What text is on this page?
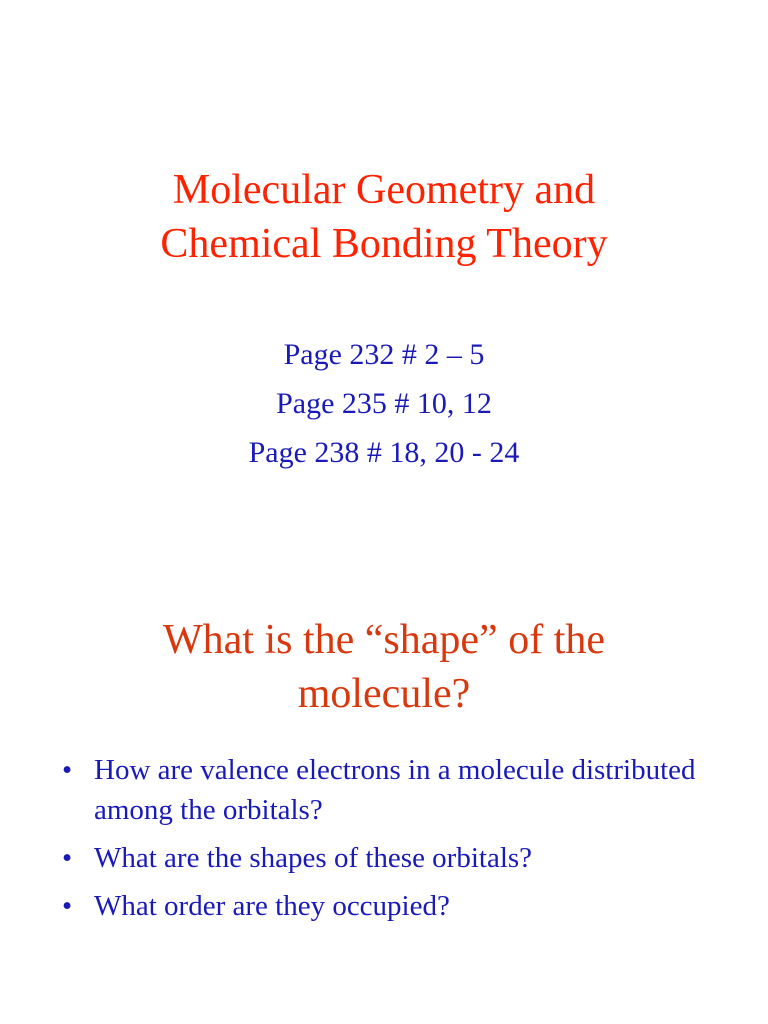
Molecular Geometry and
Chemical Bonding Theory
Page 232 # 2 – 5
Page 235 # 10, 12
Page 238 # 18, 20 - 24
What is the “shape” of the
molecule?
• How are valence electrons in a molecule distributed among the orbitals?
• What are the shapes of these orbitals?
• What order are they occupied?
